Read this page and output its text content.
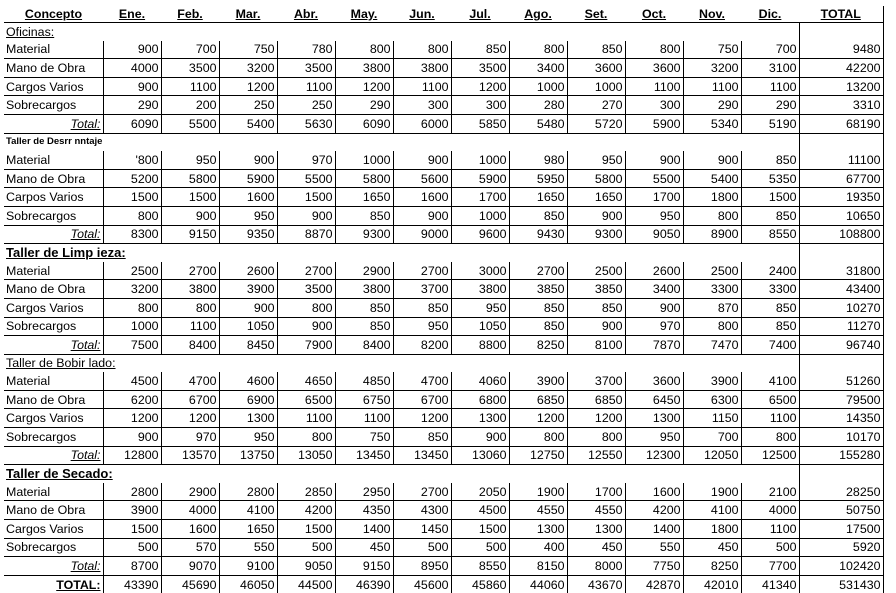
Concepto	Ene.	Feb.	Mar.	Abr.	May.	Jun.	Jul.	Ago.	Set.	Oct.	Nov.	Dic.	TOTAL
Oficinas:													
Material	900	700	750	780	800	800	850	800	850	800	750	700	9480
Mano de Obra	4000	3500	3200	3500	3800	3800	3500	3400	3600	3600	3200	3100	42200
Cargos Varios	900	1100	1200	1100	1200	1100	1200	1000	1000	1100	1100	1100	13200
Sobrecargos	290	200	250	250	290	300	300	280	270	300	290	290	3310
Total:	6090	5500	5400	5630	6090	6000	5850	5480	5720	5900	5340	5190	68190
Taller de Desrr nntaje													
Material	'800	950	900	970	1000	900	1000	980	950	900	900	850	11100
Mano de Obra	5200	5800	5900	5500	5800	5600	5900	5950	5800	5500	5400	5350	67700
Carpos Varios	1500	1500	1600	1500	1650	1600	1700	1650	1650	1700	1800	1500	19350
Sobrecargos	800	900	950	900	850	900	1000	850	900	950	800	850	10650
Total:	8300	9150	9350	8870	9300	9000	9600	9430	9300	9050	8900	8550	108800
Taller de Limp ieza:													
Material	2500	2700	2600	2700	2900	2700	3000	2700	2500	2600	2500	2400	31800
Mano de Obra	3200	3800	3900	3500	3800	3700	3800	3850	3850	3400	3300	3300	43400
Cargos Varios	800	800	900	800	850	850	950	850	850	900	870	850	10270
Sobrecargos	1000	1100	1050	900	850	950	1050	850	900	970	800	850	11270
Total:	7500	8400	8450	7900	8400	8200	8800	8250	8100	7870	7470	7400	96740
Taller de Bobir lado:													
Material	4500	4700	4600	4650	4850	4700	4060	3900	3700	3600	3900	4100	51260
Mano de Obra	6200	6700	6900	6500	6750	6700	6800	6850	6850	6450	6300	6500	79500
Cargos Varios	1200	1200	1300	1100	1100	1200	1300	1200	1200	1300	1150	1100	14350
Sobrecargos	900	970	950	800	750	850	900	800	800	950	700	800	10170
Total:	12800	13570	13750	13050	13450	13450	13060	12750	12550	12300	12050	12500	155280
Taller de Secado:													
Material	2800	2900	2800	2850	2950	2700	2050	1900	1700	1600	1900	2100	28250
Mano de Obra	3900	4000	4100	4200	4350	4300	4500	4550	4550	4200	4100	4000	50750
Cargos Varios	1500	1600	1650	1500	1400	1450	1500	1300	1300	1400	1800	1100	17500
Sobrecargos	500	570	550	500	450	500	500	400	450	550	450	500	5920
Total:	8700	9070	9100	9050	9150	8950	8550	8150	8000	7750	8250	7700	102420
TOTAL:	43390	45690	46050	44500	46390	45600	45860	44060	43670	42870	42010	41340	531430
